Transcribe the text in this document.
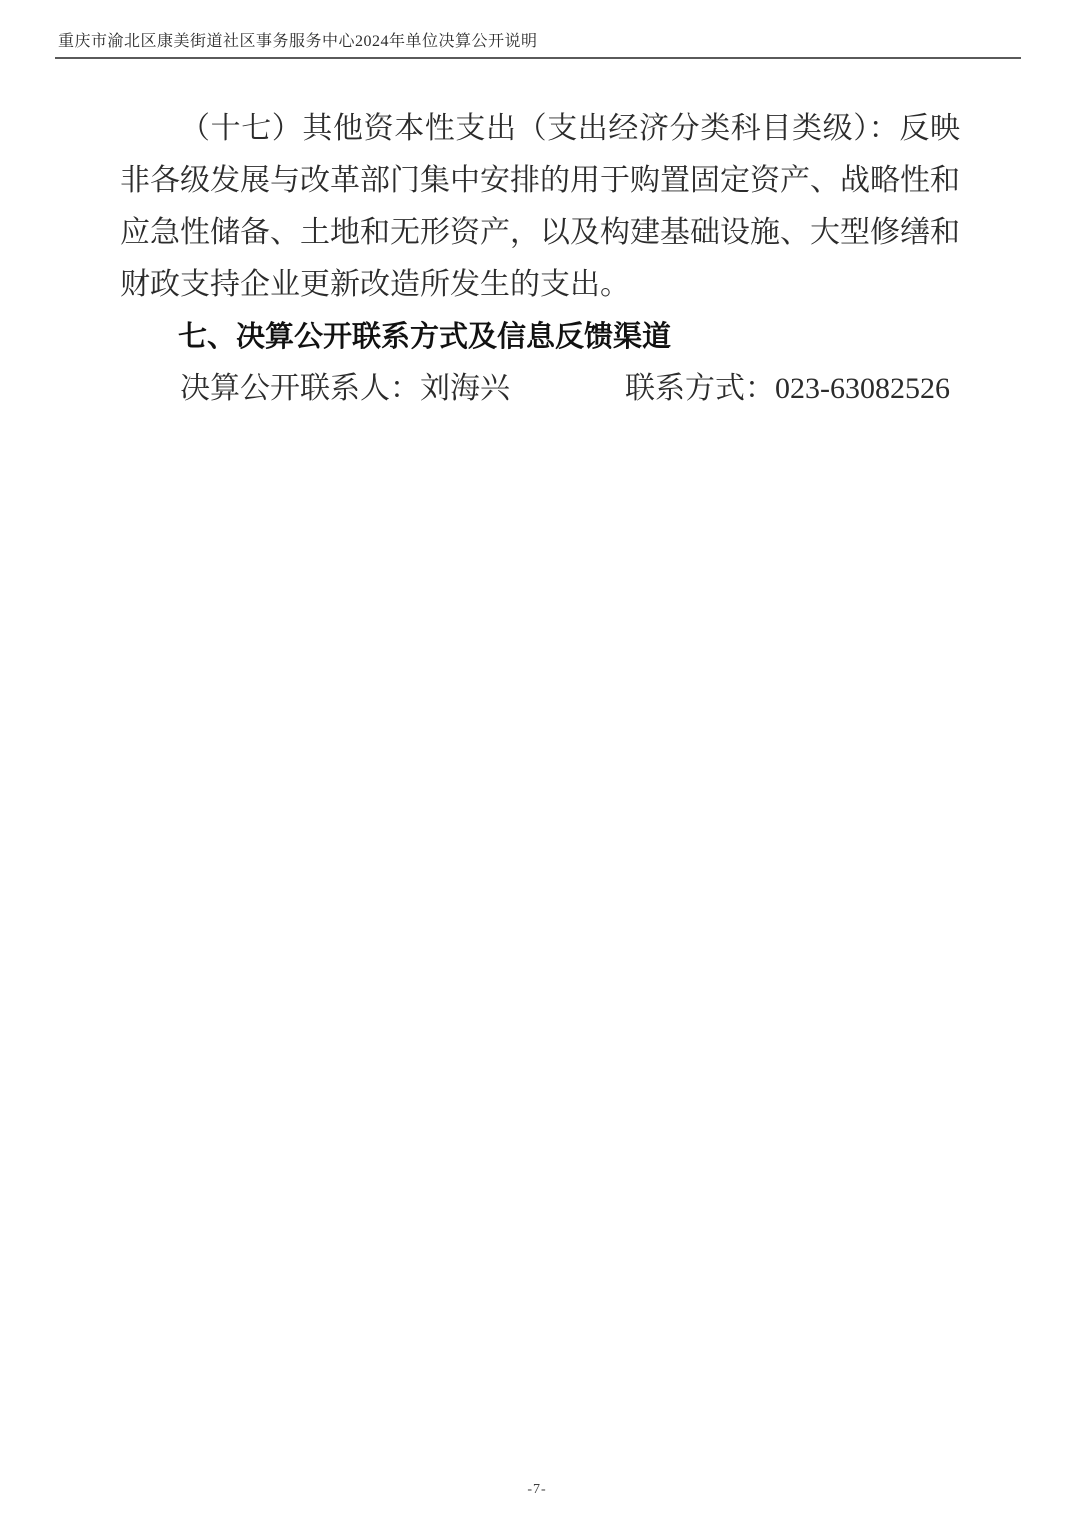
重庆市渝北区康美街道社区事务服务中心2024年单位决算公开说明

（十七）其他资本性支出（支出经济分类科目类级）：反映非各级发展与改革部门集中安排的用于购置固定资产、战略性和应急性储备、土地和无形资产，以及构建基础设施、大型修缮和财政支持企业更新改造所发生的支出。

七、决算公开联系方式及信息反馈渠道

决算公开联系人：刘海兴	联系方式：023-63082526

-7-
